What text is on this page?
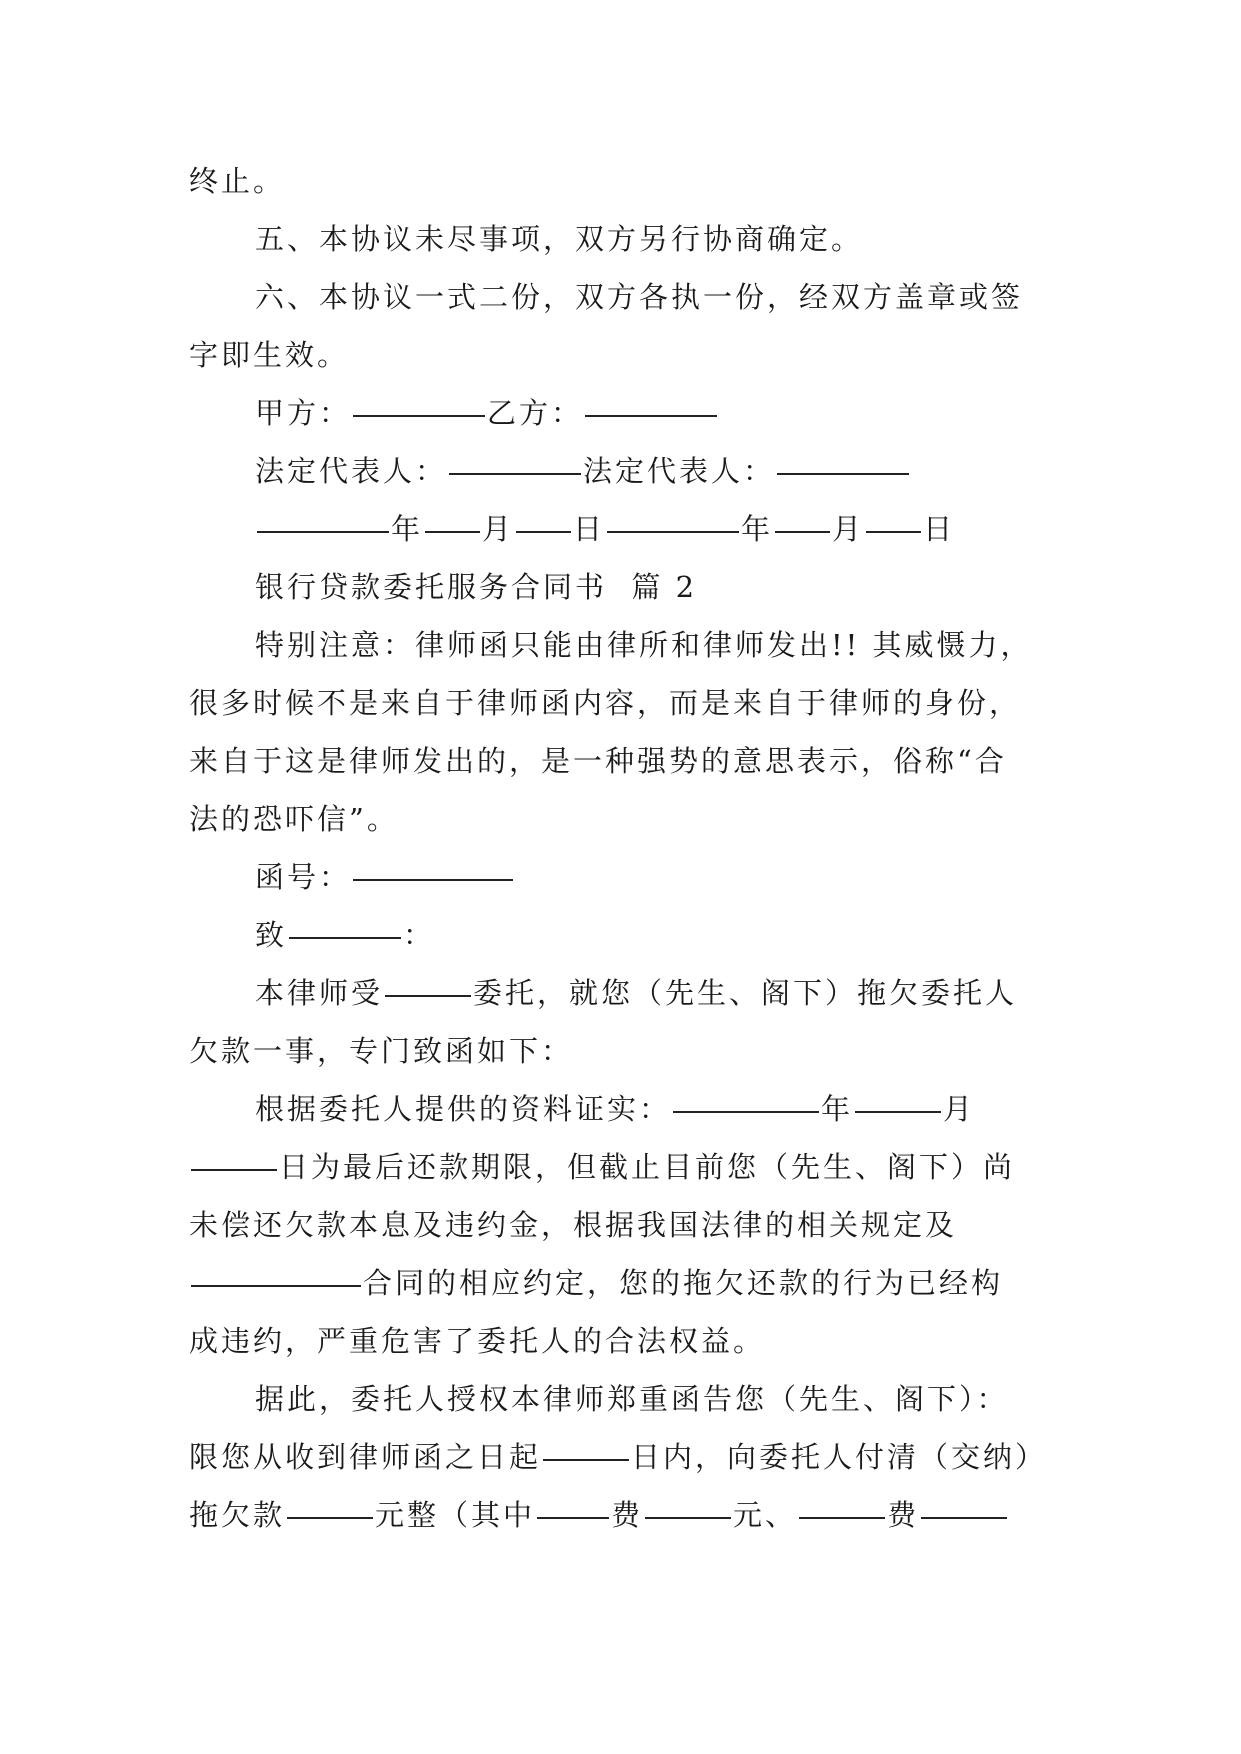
终止。
五、本协议未尽事项，双方另行协商确定。
六、本协议一式二份，双方各执一份，经双方盖章或签
字即生效。
甲方：	乙方：
法定代表人：	法定代表人：
年 月 日	年 月 日
银行贷款委托服务合同书  篇 2
特别注意：律师函只能由律所和律师发出!! 其威慑力，
很多时候不是来自于律师函内容，而是来自于律师的身份，
来自于这是律师发出的，是一种强势的意思表示，俗称“合
法的恐吓信”。
函号：
致	：
本律师受	委托，就您（先生、阁下）拖欠委托人
欠款一事，专门致函如下：
根据委托人提供的资料证实：	年	月
日为最后还款期限，但截止目前您（先生、阁下）尚
未偿还欠款本息及违约金，根据我国法律的相关规定及
合同的相应约定，您的拖欠还款的行为已经构
成违约，严重危害了委托人的合法权益。
据此，委托人授权本律师郑重函告您（先生、阁下）：
限您从收到律师函之日起	日内，向委托人付清（交纳）
拖欠款	元整（其中	费	元、	费
